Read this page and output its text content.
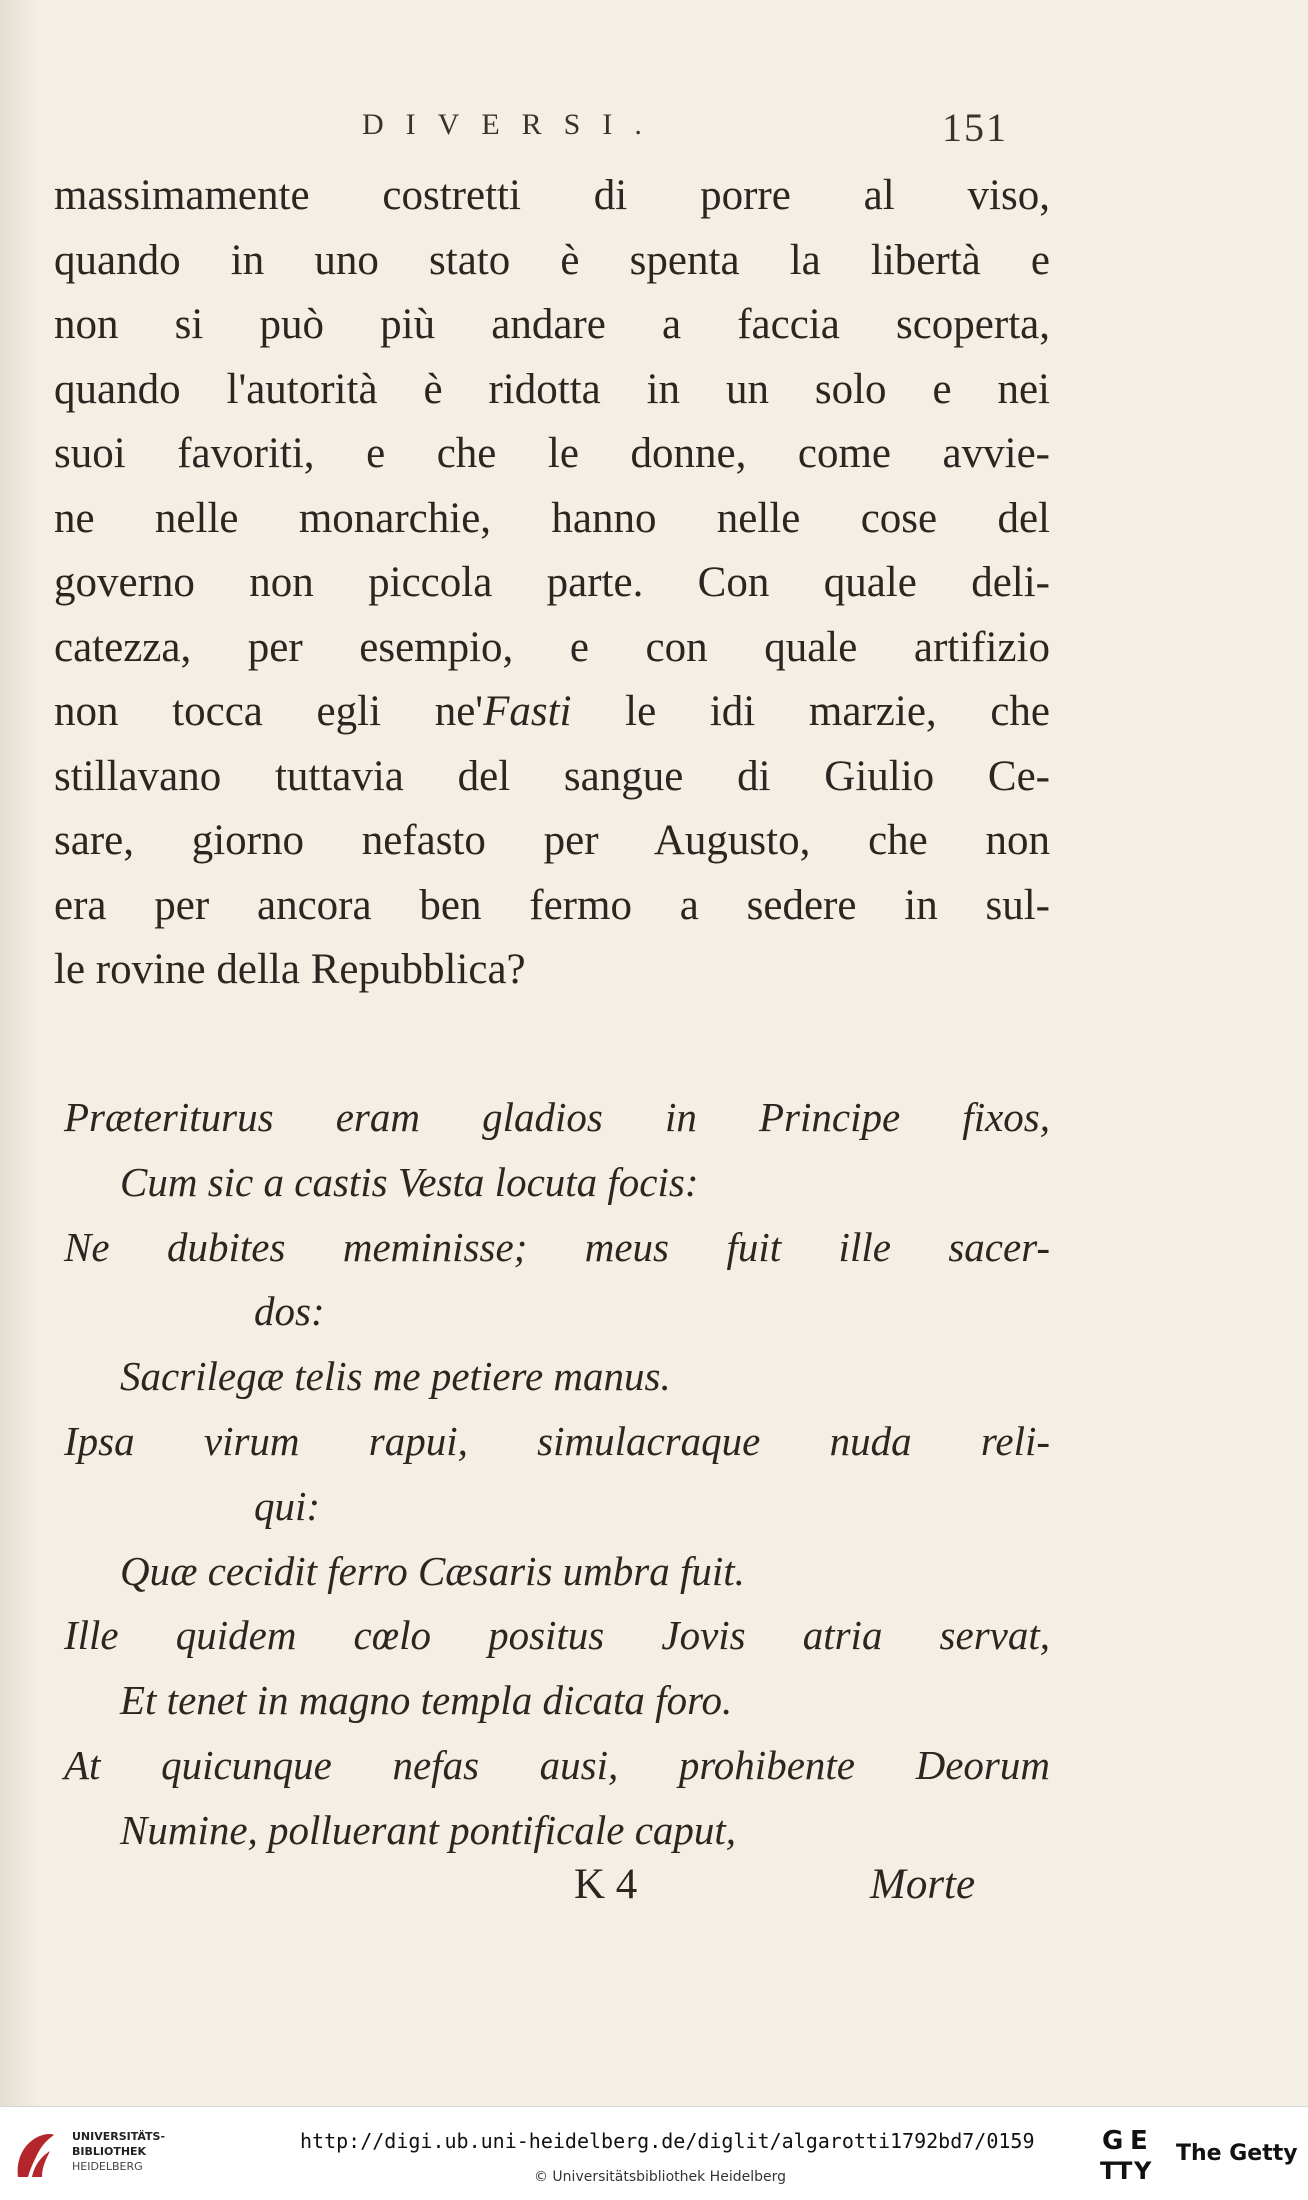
DIVERSI.	151
massimamente costretti di porre al viso,
quando in uno stato è spenta la libertà e
non si può più andare a faccia scoperta,
quando l'autorità è ridotta in un solo e nei
suoi favoriti, e che le donne, come avvie-
ne nelle monarchie, hanno nelle cose del
governo non piccola parte. Con quale deli-
catezza, per esempio, e con quale artifizio
non tocca egli ne'Fasti le idi marzie, che
stillavano tuttavia del sangue di Giulio Ce-
sare, giorno nefasto per Augusto, che non
era per ancora ben fermo a sedere in sul-
le rovine della Repubblica?
Præteriturus eram gladios in Principe fixos,
Cum sic a castis Vesta locuta focis:
Ne dubites meminisse; meus fuit ille sacer-
dos:
Sacrilegæ telis me petiere manus.
Ipsa virum rapui, simulacraque nuda reli-
qui:
Quæ cecidit ferro Cæsaris umbra fuit.
Ille quidem cœlo positus Jovis atria servat,
Et tenet in magno templa dicata foro.
At quicunque nefas ausi, prohibente Deorum
Numine, polluerant pontificale caput,
K 4	Morte
UNIVERSITÄTS-
BIBLIOTHEK
HEIDELBERG
http://digi.ub.uni-heidelberg.de/diglit/algarotti1792bd7/0159
© Universitätsbibliothek Heidelberg
G E
T T Y
The Getty
